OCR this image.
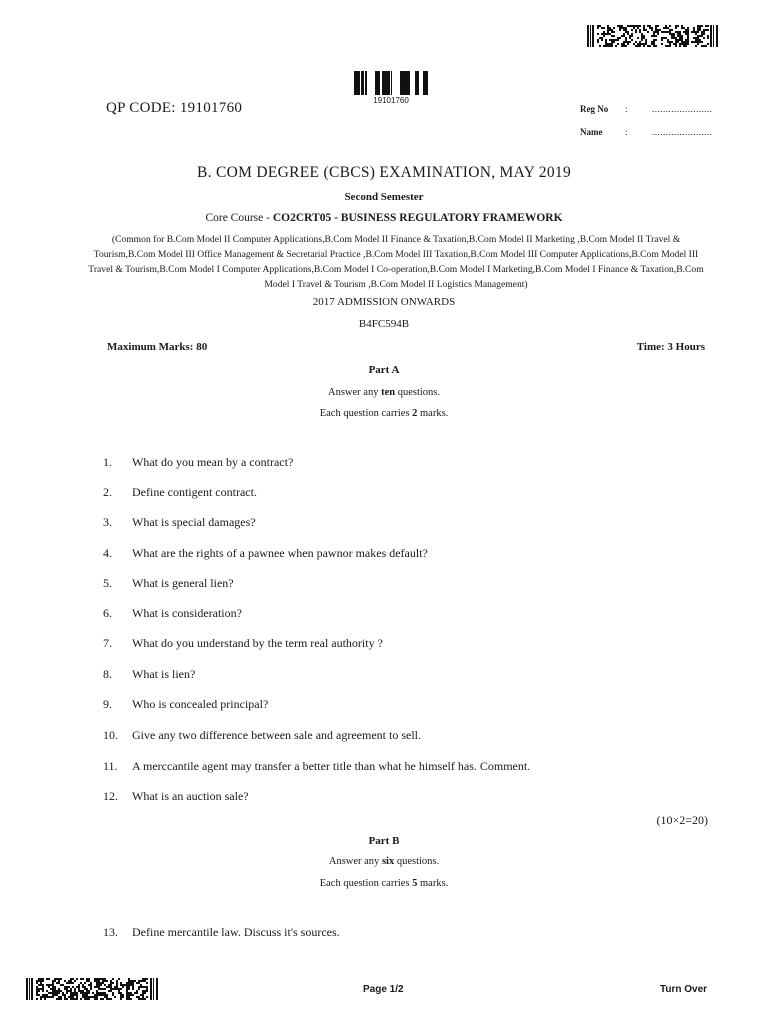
QP CODE: 19101760	19101760
Reg No :	......................
Name	:	......................
B. COM DEGREE (CBCS) EXAMINATION, MAY 2019
Second Semester
Core Course - CO2CRT05 - BUSINESS REGULATORY FRAMEWORK
(Common for B.Com Model II Computer Applications,B.Com Model II Finance & Taxation,B.Com Model II Marketing ,B.Com Model II Travel & Tourism,B.Com Model III Office Management & Secretarial Practice ,B.Com Model III Taxation,B.Com Model III Computer Applications,B.Com Model III Travel & Tourism,B.Com Model I Computer Applications,B.Com Model I Co-operation,B.Com Model I Marketing,B.Com Model I Finance & Taxation,B.Com Model I Travel & Tourism ,B.Com Model II Logistics Management)
2017 ADMISSION ONWARDS
B4FC594B
Maximum Marks: 80	Time: 3 Hours
Part A
Answer any ten questions.
Each question carries 2 marks.
1.	What do you mean by a contract?
2.	Define contigent contract.
3.	What is special damages?
4.	What are the rights of a pawnee when pawnor makes default?
5.	What is general lien?
6.	What is consideration?
7.	What do you understand by the term real authority ?
8.	What is lien?
9.	Who is concealed principal?
10.	Give any two difference between sale and agreement to sell.
11.	A merccantile agent may transfer a better title than what he himself has. Comment.
12.	What is an auction sale?
(10×2=20)
Part B
Answer any six questions.
Each question carries 5 marks.
13.	Define mercantile law. Discuss it's sources.
Page 1/2	Turn Over
